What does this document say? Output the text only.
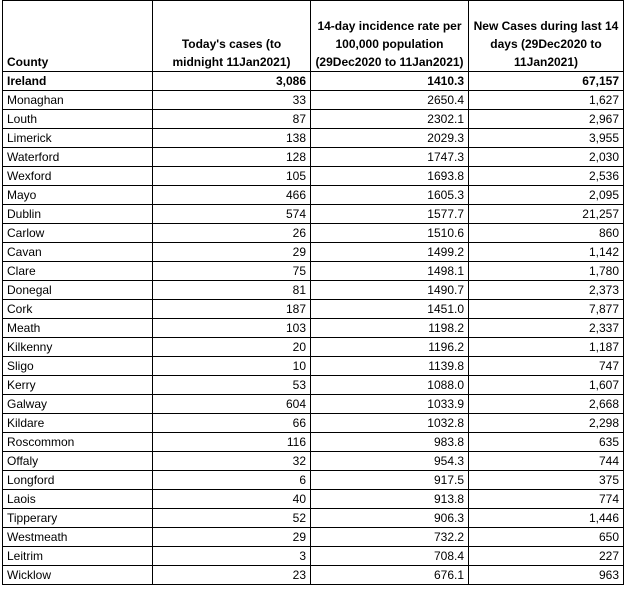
County	Today's cases (to midnight 11Jan2021)	14-day incidence rate per 100,000 population (29Dec2020 to 11Jan2021)	New Cases during last 14 days (29Dec2020 to 11Jan2021)
Ireland	3,086	1410.3	67,157
Monaghan	33	2650.4	1,627
Louth	87	2302.1	2,967
Limerick	138	2029.3	3,955
Waterford	128	1747.3	2,030
Wexford	105	1693.8	2,536
Mayo	466	1605.3	2,095
Dublin	574	1577.7	21,257
Carlow	26	1510.6	860
Cavan	29	1499.2	1,142
Clare	75	1498.1	1,780
Donegal	81	1490.7	2,373
Cork	187	1451.0	7,877
Meath	103	1198.2	2,337
Kilkenny	20	1196.2	1,187
Sligo	10	1139.8	747
Kerry	53	1088.0	1,607
Galway	604	1033.9	2,668
Kildare	66	1032.8	2,298
Roscommon	116	983.8	635
Offaly	32	954.3	744
Longford	6	917.5	375
Laois	40	913.8	774
Tipperary	52	906.3	1,446
Westmeath	29	732.2	650
Leitrim	3	708.4	227
Wicklow	23	676.1	963
